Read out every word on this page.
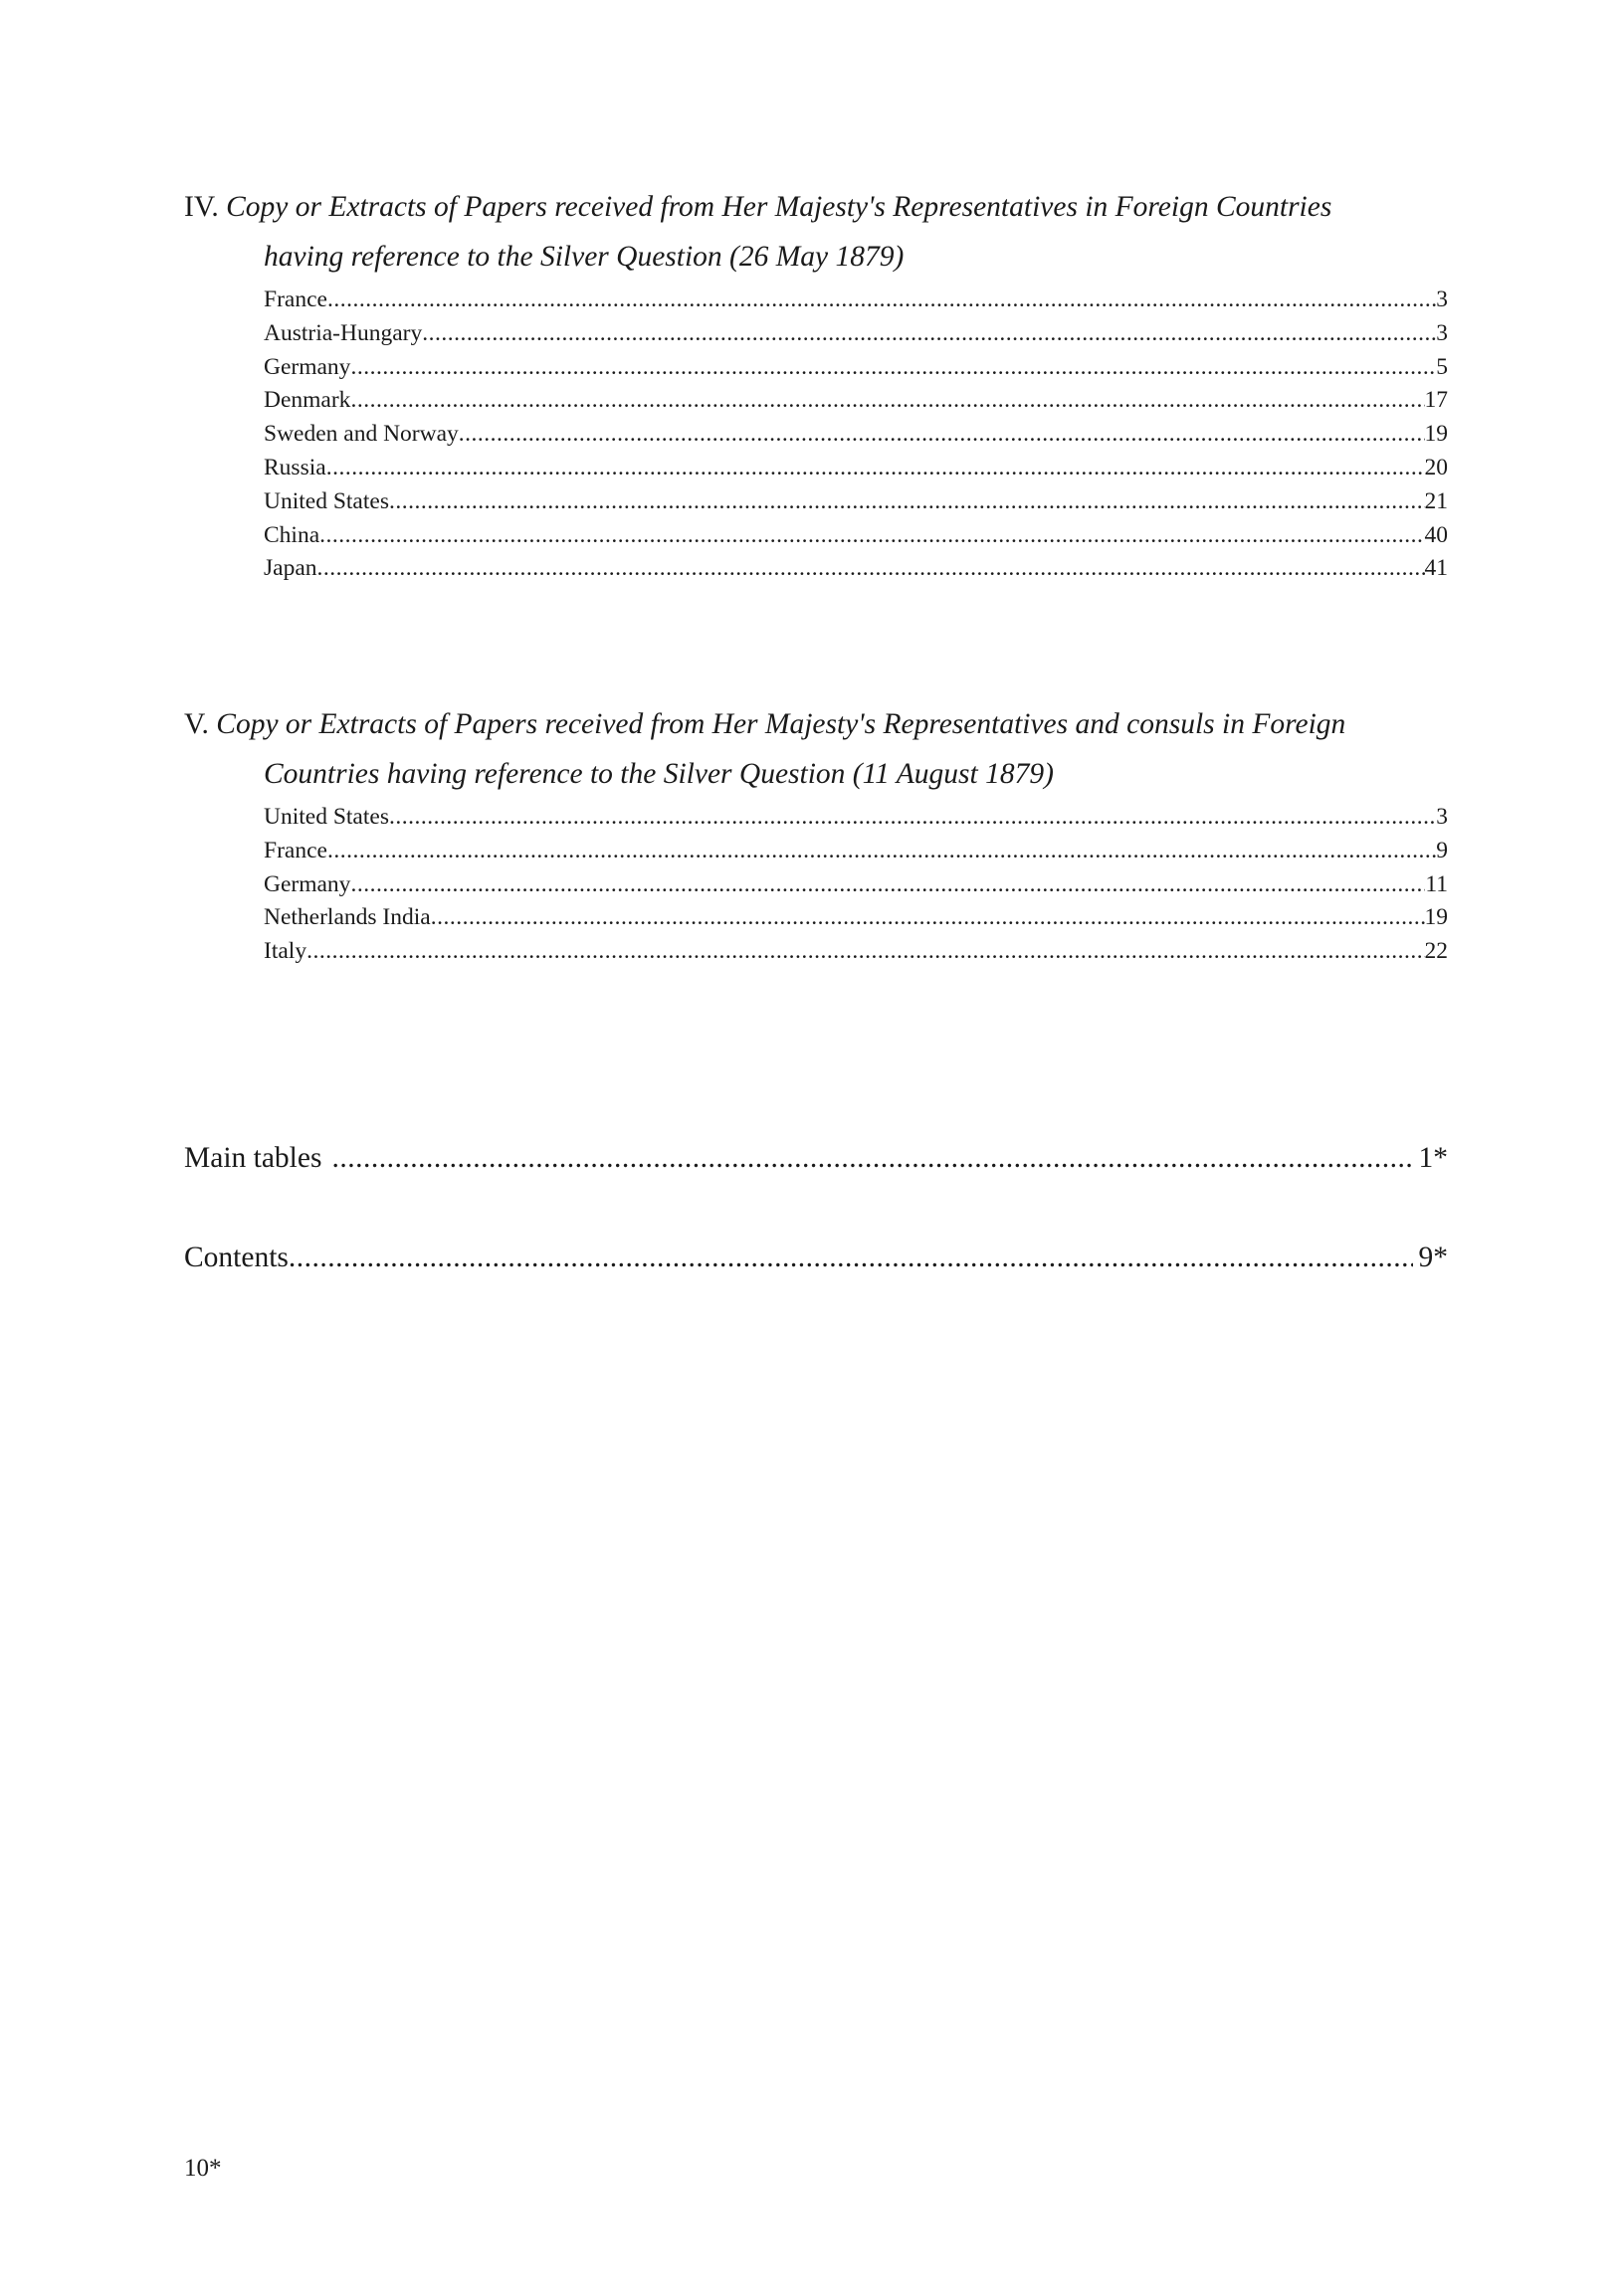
IV. Copy or Extracts of Papers received from Her Majesty's Representatives in Foreign Countries
having reference to the Silver Question (26 May 1879)

France .....	3
Austria-Hungary .....	3
Germany .....	5
Denmark .....	17
Sweden and Norway .....	19
Russia .....	20
United States .....	21
China .....	40
Japan .....	41

V. Copy or Extracts of Papers received from Her Majesty's Representatives and consuls in Foreign
Countries having reference to the Silver Question (11 August 1879)

United States .....	3
France .....	9
Germany .....	11
Netherlands India .....	19
Italy .....	22
Main tables .....	1*
Contents .....	9*
10*
